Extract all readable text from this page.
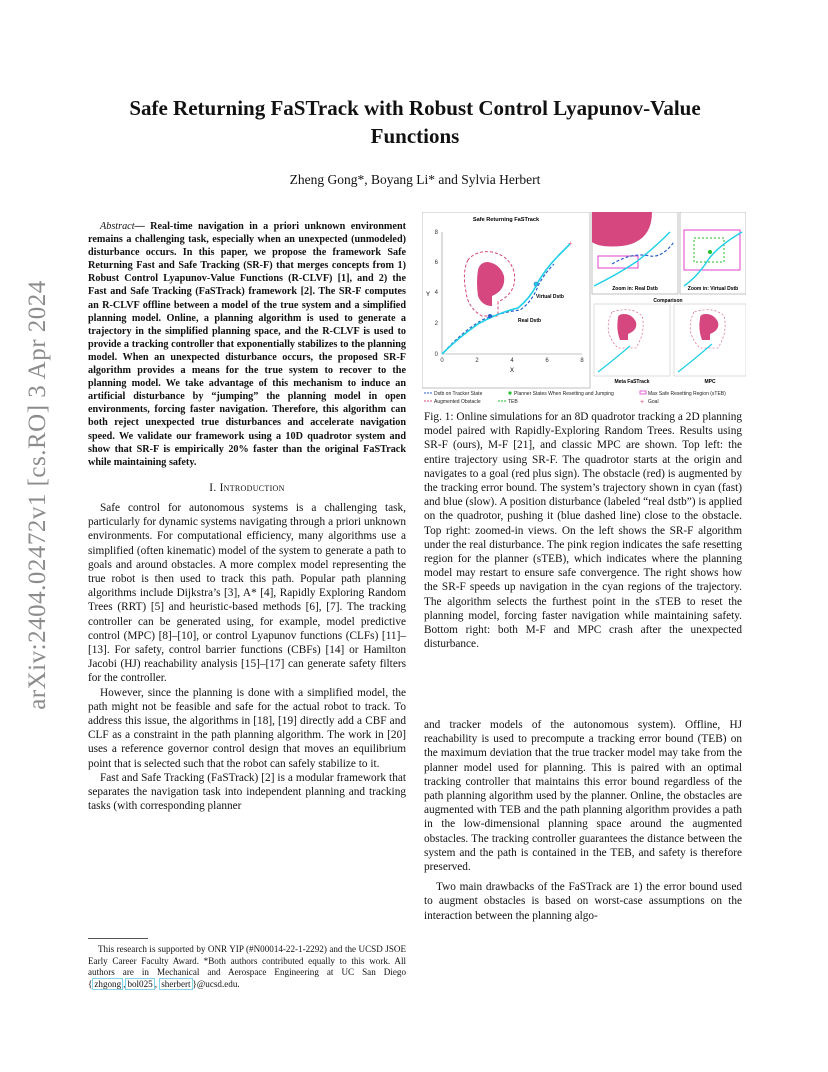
arXiv:2404.02472v1 [cs.RO] 3 Apr 2024
Safe Returning FaSTrack with Robust Control Lyapunov-Value Functions
Zheng Gong*, Boyang Li* and Sylvia Herbert

Abstract— Real-time navigation in a priori unknown environment remains a challenging task, especially when an unexpected (unmodeled) disturbance occurs. In this paper, we propose the framework Safe Returning Fast and Safe Tracking (SR-F) that merges concepts from 1) Robust Control Lyapunov-Value Functions (R-CLVF) [1], and 2) the Fast and Safe Tracking (FaSTrack) framework [2]. The SR-F computes an R-CLVF offline between a model of the true system and a simplified planning model. Online, a planning algorithm is used to generate a trajectory in the simplified planning space, and the R-CLVF is used to provide a tracking controller that exponentially stabilizes to the planning model. When an unexpected disturbance occurs, the proposed SR-F algorithm provides a means for the true system to recover to the planning model. We take advantage of this mechanism to induce an artificial disturbance by “jumping” the planning model in open environments, forcing faster navigation. Therefore, this algorithm can both reject unexpected true disturbances and accelerate navigation speed. We validate our framework using a 10D quadrotor system and show that SR-F is empirically 20% faster than the original FaSTrack while maintaining safety.

I. Introduction

Safe control for autonomous systems is a challenging task, particularly for dynamic systems navigating through a priori unknown environments. For computational efficiency, many algorithms use a simplified (often kinematic) model of the system to generate a path to goals and around obstacles. A more complex model representing the true robot is then used to track this path. Popular path planning algorithms include Dijkstra’s [3], A* [4], Rapidly Exploring Random Trees (RRT) [5] and heuristic-based methods [6], [7]. The tracking controller can be generated using, for example, model predictive control (MPC) [8]–[10], or control Lyapunov functions (CLFs) [11]–[13]. For safety, control barrier functions (CBFs) [14] or Hamilton Jacobi (HJ) reachability analysis [15]–[17] can generate safety filters for the controller.

However, since the planning is done with a simplified model, the path might not be feasible and safe for the actual robot to track. To address this issue, the algorithms in [18], [19] directly add a CBF and CLF as a constraint in the path planning algorithm. The work in [20] uses a reference governor control design that moves an equilibrium point that is selected such that the robot can safely stabilize to it.

Fast and Safe Tracking (FaSTrack) [2] is a modular framework that separates the navigation task into independent planning and tracking tasks (with corresponding planner

This research is supported by ONR YIP (#N00014-22-1-2292) and the UCSD JSOE Early Career Faculty Award. *Both authors contributed equally to this work. All authors are in Mechanical and Aerospace Engineering at UC San Diego { zhgong , bol025 , sherbert }@ucsd.edu.
Safe Returning FaSTrack
0
2
4
6
8
0	2	4	6	8
X
Y	Virtual Dstb
Real Dstb
+
Zoom in: Real Dstb	Zoom in: Virtual Dstb
Comparison
Meta FaSTrack	MPC
Dstb on Tracker State	Planner States When Resetting and Jumping	Max Safe Resetting Region (sTEB)
Augmented Obstacle	TEB	+ Goal
Fig. 1: Online simulations for an 8D quadrotor tracking a 2D planning model paired with Rapidly-Exploring Random Trees. Results using SR-F (ours), M-F [21], and classic MPC are shown. Top left: the entire trajectory using SR-F. The quadrotor starts at the origin and navigates to a goal (red plus sign). The obstacle (red) is augmented by the tracking error bound. The system’s trajectory shown in cyan (fast) and blue (slow). A position disturbance (labeled “real dstb”) is applied on the quadrotor, pushing it (blue dashed line) close to the obstacle. Top right: zoomed-in views. On the left shows the SR-F algorithm under the real disturbance. The pink region indicates the safe resetting region for the planner (sTEB), which indicates where the planning model may restart to ensure safe convergence. The right shows how the SR-F speeds up navigation in the cyan regions of the trajectory. The algorithm selects the furthest point in the sTEB to reset the planning model, forcing faster navigation while maintaining safety. Bottom right: both M-F and MPC crash after the unexpected disturbance.

and tracker models of the autonomous system). Offline, HJ reachability is used to precompute a tracking error bound (TEB) on the maximum deviation that the true tracker model may take from the planner model used for planning. This is paired with an optimal tracking controller that maintains this error bound regardless of the path planning algorithm used by the planner. Online, the obstacles are augmented with TEB and the path planning algorithm provides a path in the low-dimensional planning space around the augmented obstacles. The tracking controller guarantees the distance between the system and the path is contained in the TEB, and safety is therefore preserved.

Two main drawbacks of the FaSTrack are 1) the error bound used to augment obstacles is based on worst-case assumptions on the interaction between the planning algo-
